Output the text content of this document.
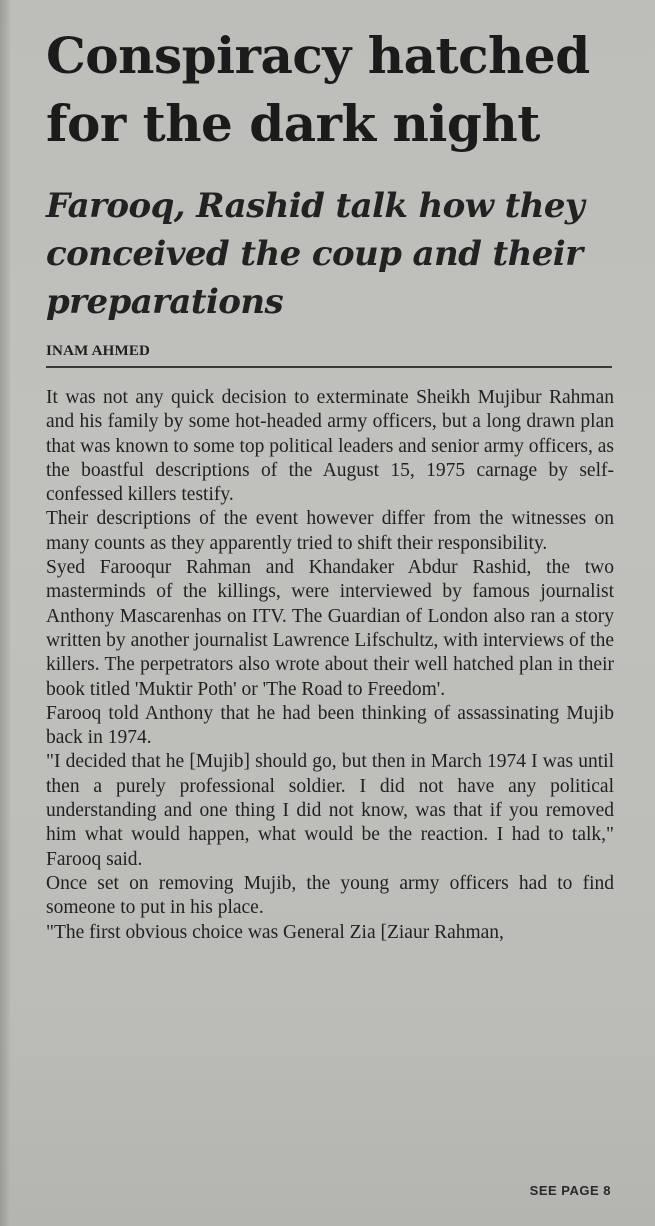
Conspiracy hatched for the dark night
Farooq, Rashid talk how they conceived the coup and their preparations
INAM AHMED

It was not any quick decision to exterminate Sheikh Mujibur Rahman and his family by some hot-headed army officers, but a long drawn plan that was known to some top political leaders and senior army officers, as the boastful descriptions of the August 15, 1975 carnage by self-confessed killers testify.

Their descriptions of the event however differ from the witnesses on many counts as they apparently tried to shift their responsibility.

Syed Farooqur Rahman and Khandaker Abdur Rashid, the two masterminds of the killings, were interviewed by famous journalist Anthony Mascarenhas on ITV. The Guardian of London also ran a story written by another journalist Lawrence Lifschultz, with interviews of the killers. The perpetrators also wrote about their well hatched plan in their book titled 'Muktir Poth' or 'The Road to Freedom'.

Farooq told Anthony that he had been thinking of assassinating Mujib back in 1974.

"I decided that he [Mujib] should go, but then in March 1974 I was until then a purely professional soldier. I did not have any political understanding and one thing I did not know, was that if you removed him what would happen, what would be the reaction. I had to talk," Farooq said.

Once set on removing Mujib, the young army officers had to find someone to put in his place.

"The first obvious choice was General Zia [Ziaur Rahman,

SEE PAGE 8
